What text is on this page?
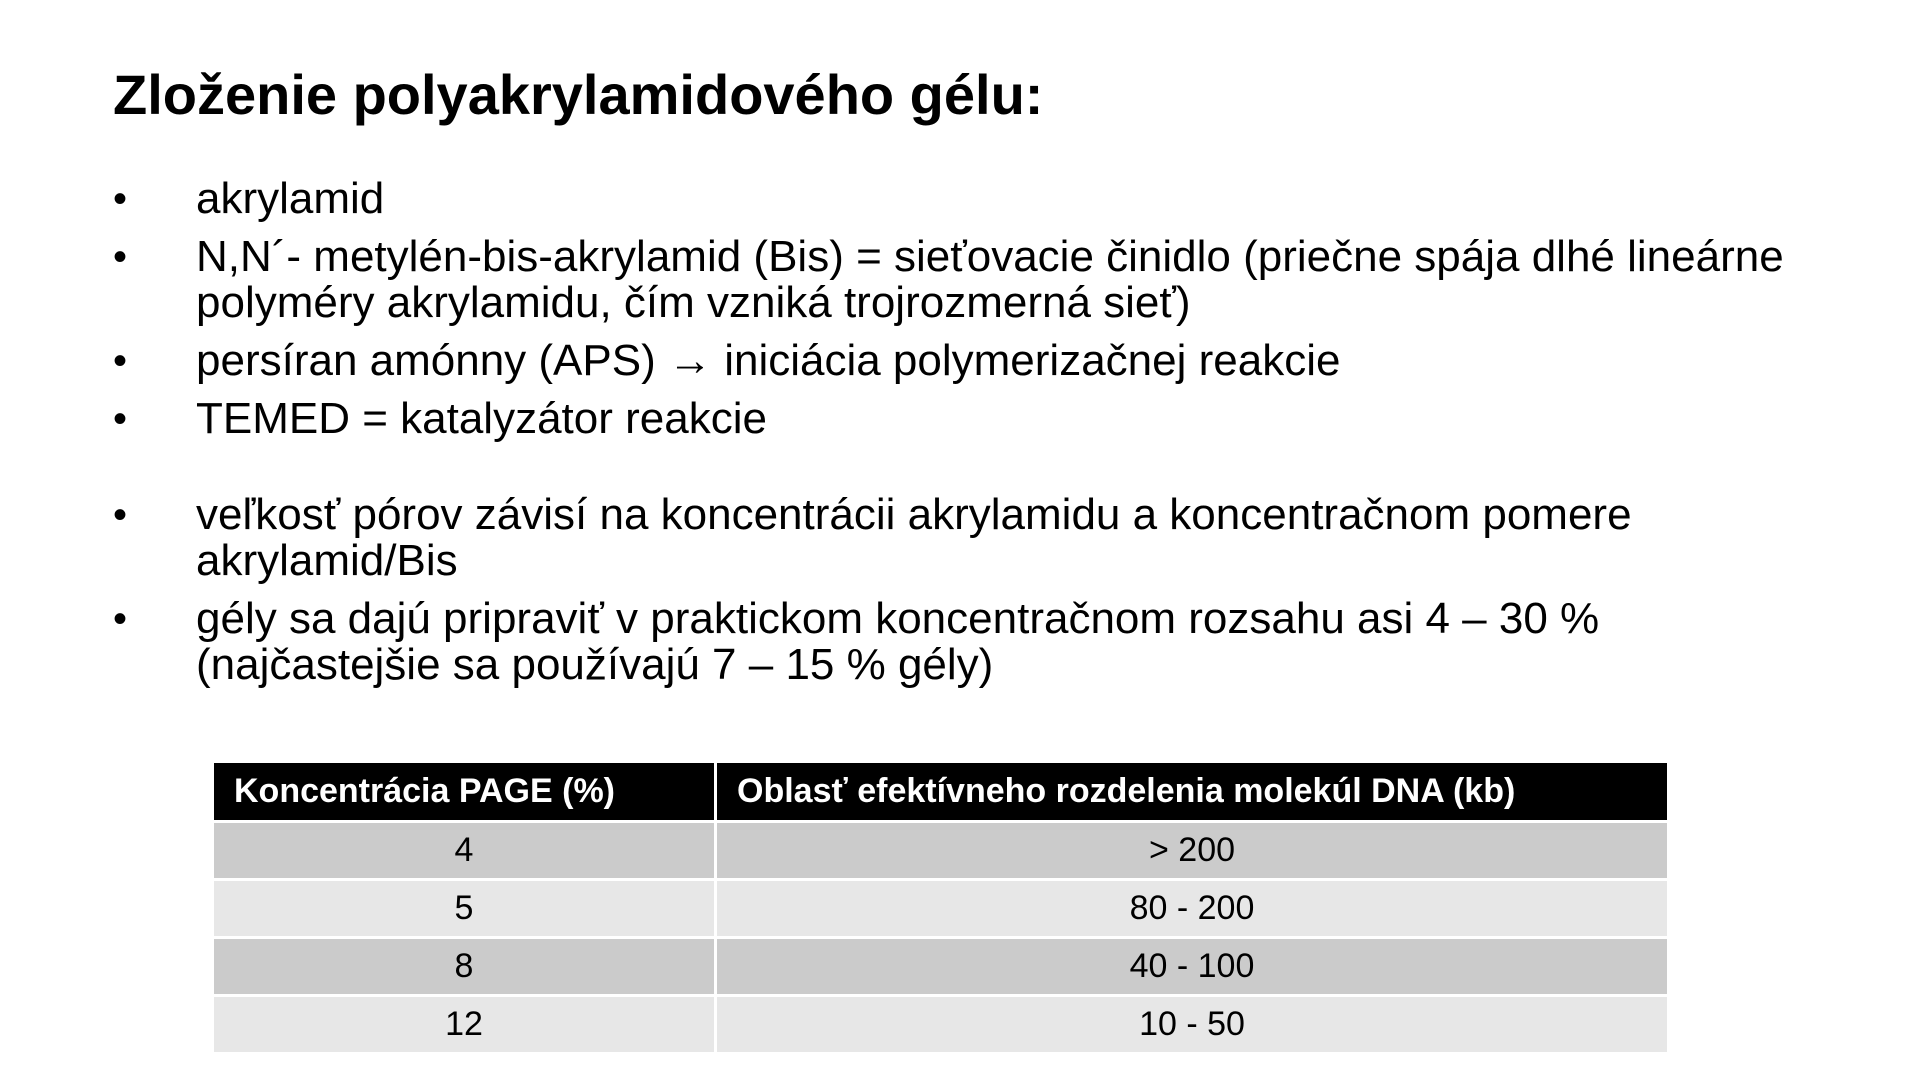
Zloženie polyakrylamidového gélu:
•	akrylamid
•	N,N´- metylén-bis-akrylamid (Bis) = sieťovacie činidlo (priečne spája dlhé lineárne polyméry akrylamidu, čím vzniká trojrozmerná sieť)
•	persíran amónny (APS) → iniciácia polymerizačnej reakcie
•	TEMED = katalyzátor reakcie
•	veľkosť pórov závisí na koncentrácii akrylamidu a koncentračnom pomere akrylamid/Bis
•	gély sa dajú pripraviť v praktickom koncentračnom rozsahu asi 4 – 30 % (najčastejšie sa používajú 7 – 15 % gély)
Koncentrácia PAGE (%)	Oblasť efektívneho rozdelenia molekúl DNA (kb)
4	> 200
5	80 - 200
8	40 - 100
12	10 - 50
